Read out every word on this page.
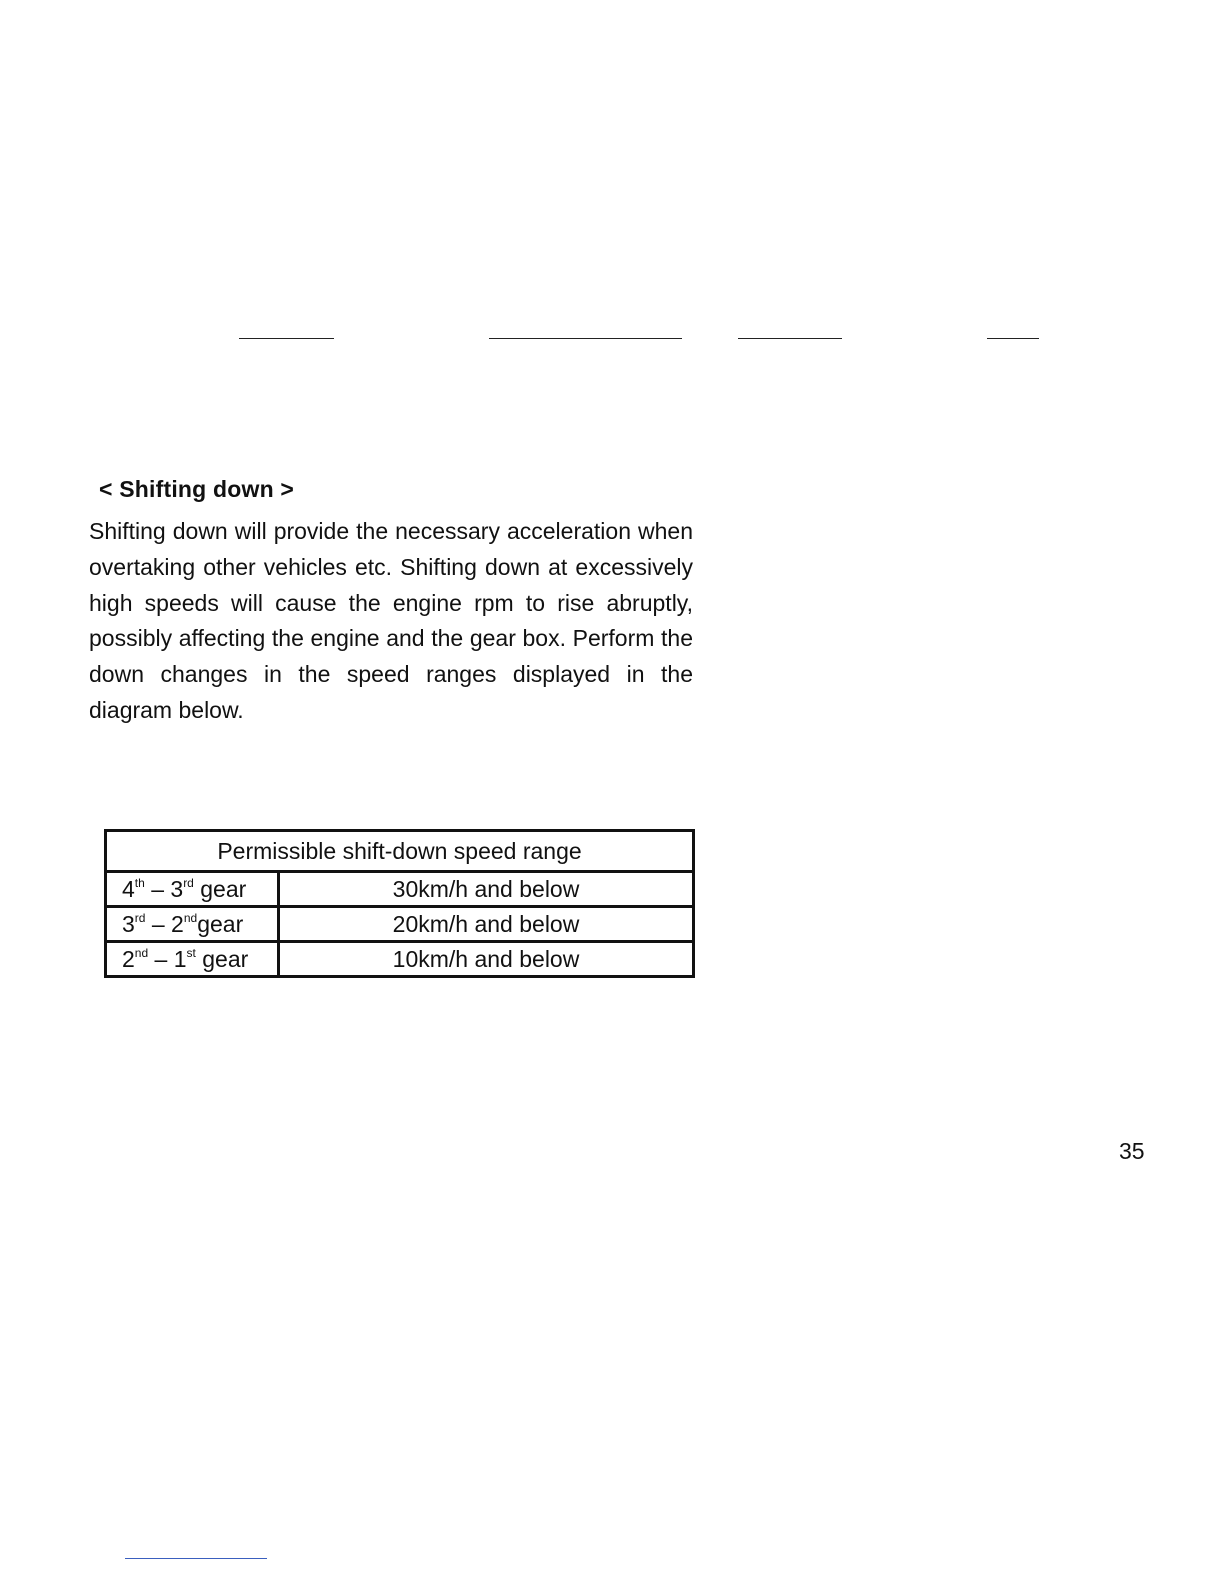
< Shifting down >

Shifting down will provide the necessary acceleration when overtaking other vehicles etc. Shifting down at excessively high speeds will cause the engine rpm to rise abruptly, possibly affecting the engine and the gear box. Perform the down changes in the speed ranges displayed in the diagram below.

Permissible shift-down speed range	
4th – 3rd gear	30km/h and below
3rd – 2ndgear	20km/h and below
2nd – 1st gear	10km/h and below

35
